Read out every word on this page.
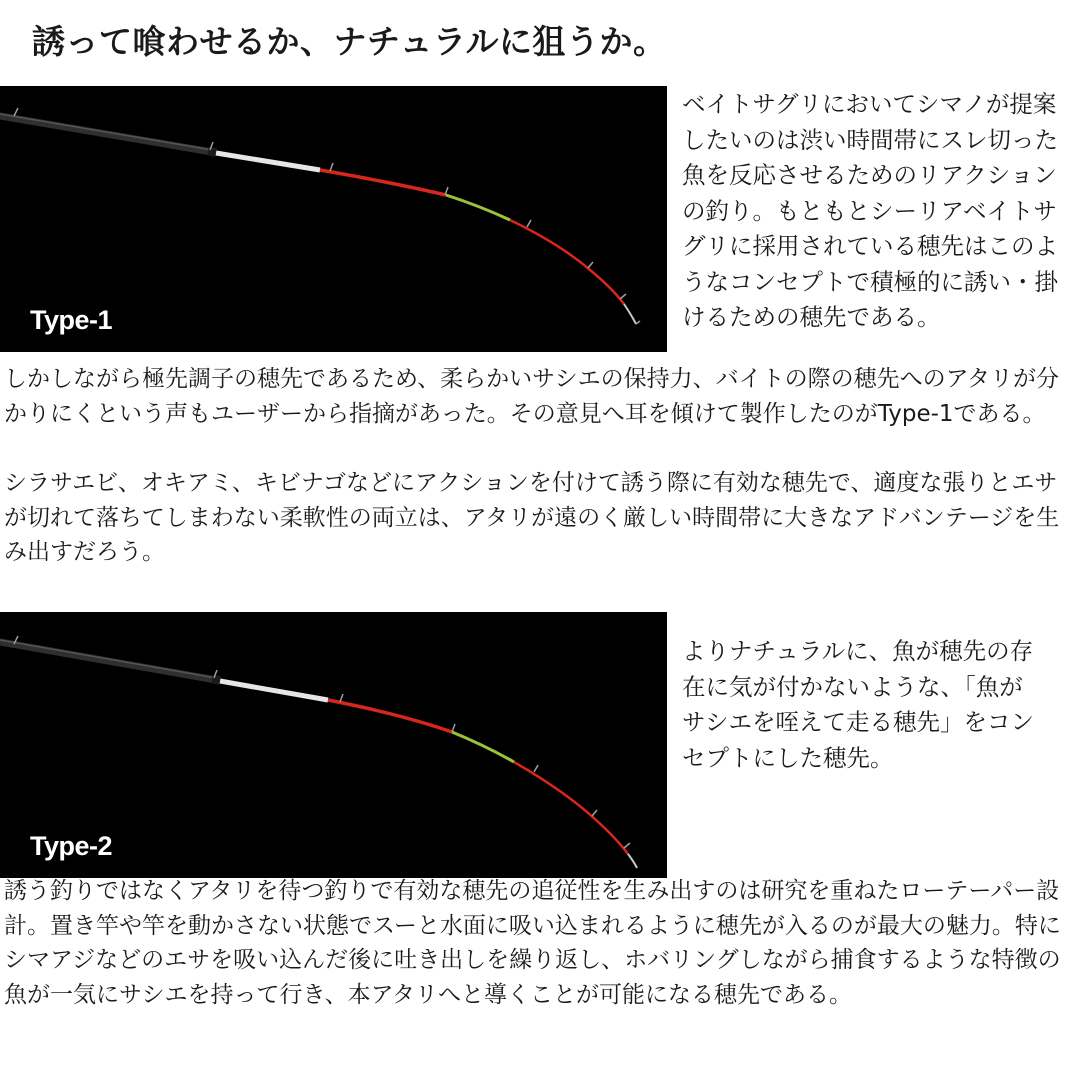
誘って喰わせるか、ナチュラルに狙うか。
Type-1

ベイトサグリにおいてシマノが提案したいのは渋い時間帯にスレ切った魚を反応させるためのリアクションの釣り。もともとシーリアベイトサグリに採用されている穂先はこのようなコンセプトで積極的に誘い・掛けるための穂先である。

しかしながら極先調子の穂先であるため、柔らかいサシエの保持力、バイトの際の穂先へのアタリが分かりにくという声もユーザーから指摘があった。その意見へ耳を傾けて製作したのがType-1である。

シラサエビ、オキアミ、キビナゴなどにアクションを付けて誘う際に有効な穂先で、適度な張りとエサが切れて落ちてしまわない柔軟性の両立は、アタリが遠のく厳しい時間帯に大きなアドバンテージを生み出すだろう。

Type-2

よりナチュラルに、魚が穂先の存在に気が付かないような、「魚がサシエを咥えて走る穂先」をコンセプトにした穂先。

誘う釣りではなくアタリを待つ釣りで有効な穂先の追従性を生み出すのは研究を重ねたローテーパー設計。置き竿や竿を動かさない状態でスーと水面に吸い込まれるように穂先が入るのが最大の魅力。特にシマアジなどのエサを吸い込んだ後に吐き出しを繰り返し、ホバリングしながら捕食するような特徴の魚が一気にサシエを持って行き、本アタリへと導くことが可能になる穂先である。
